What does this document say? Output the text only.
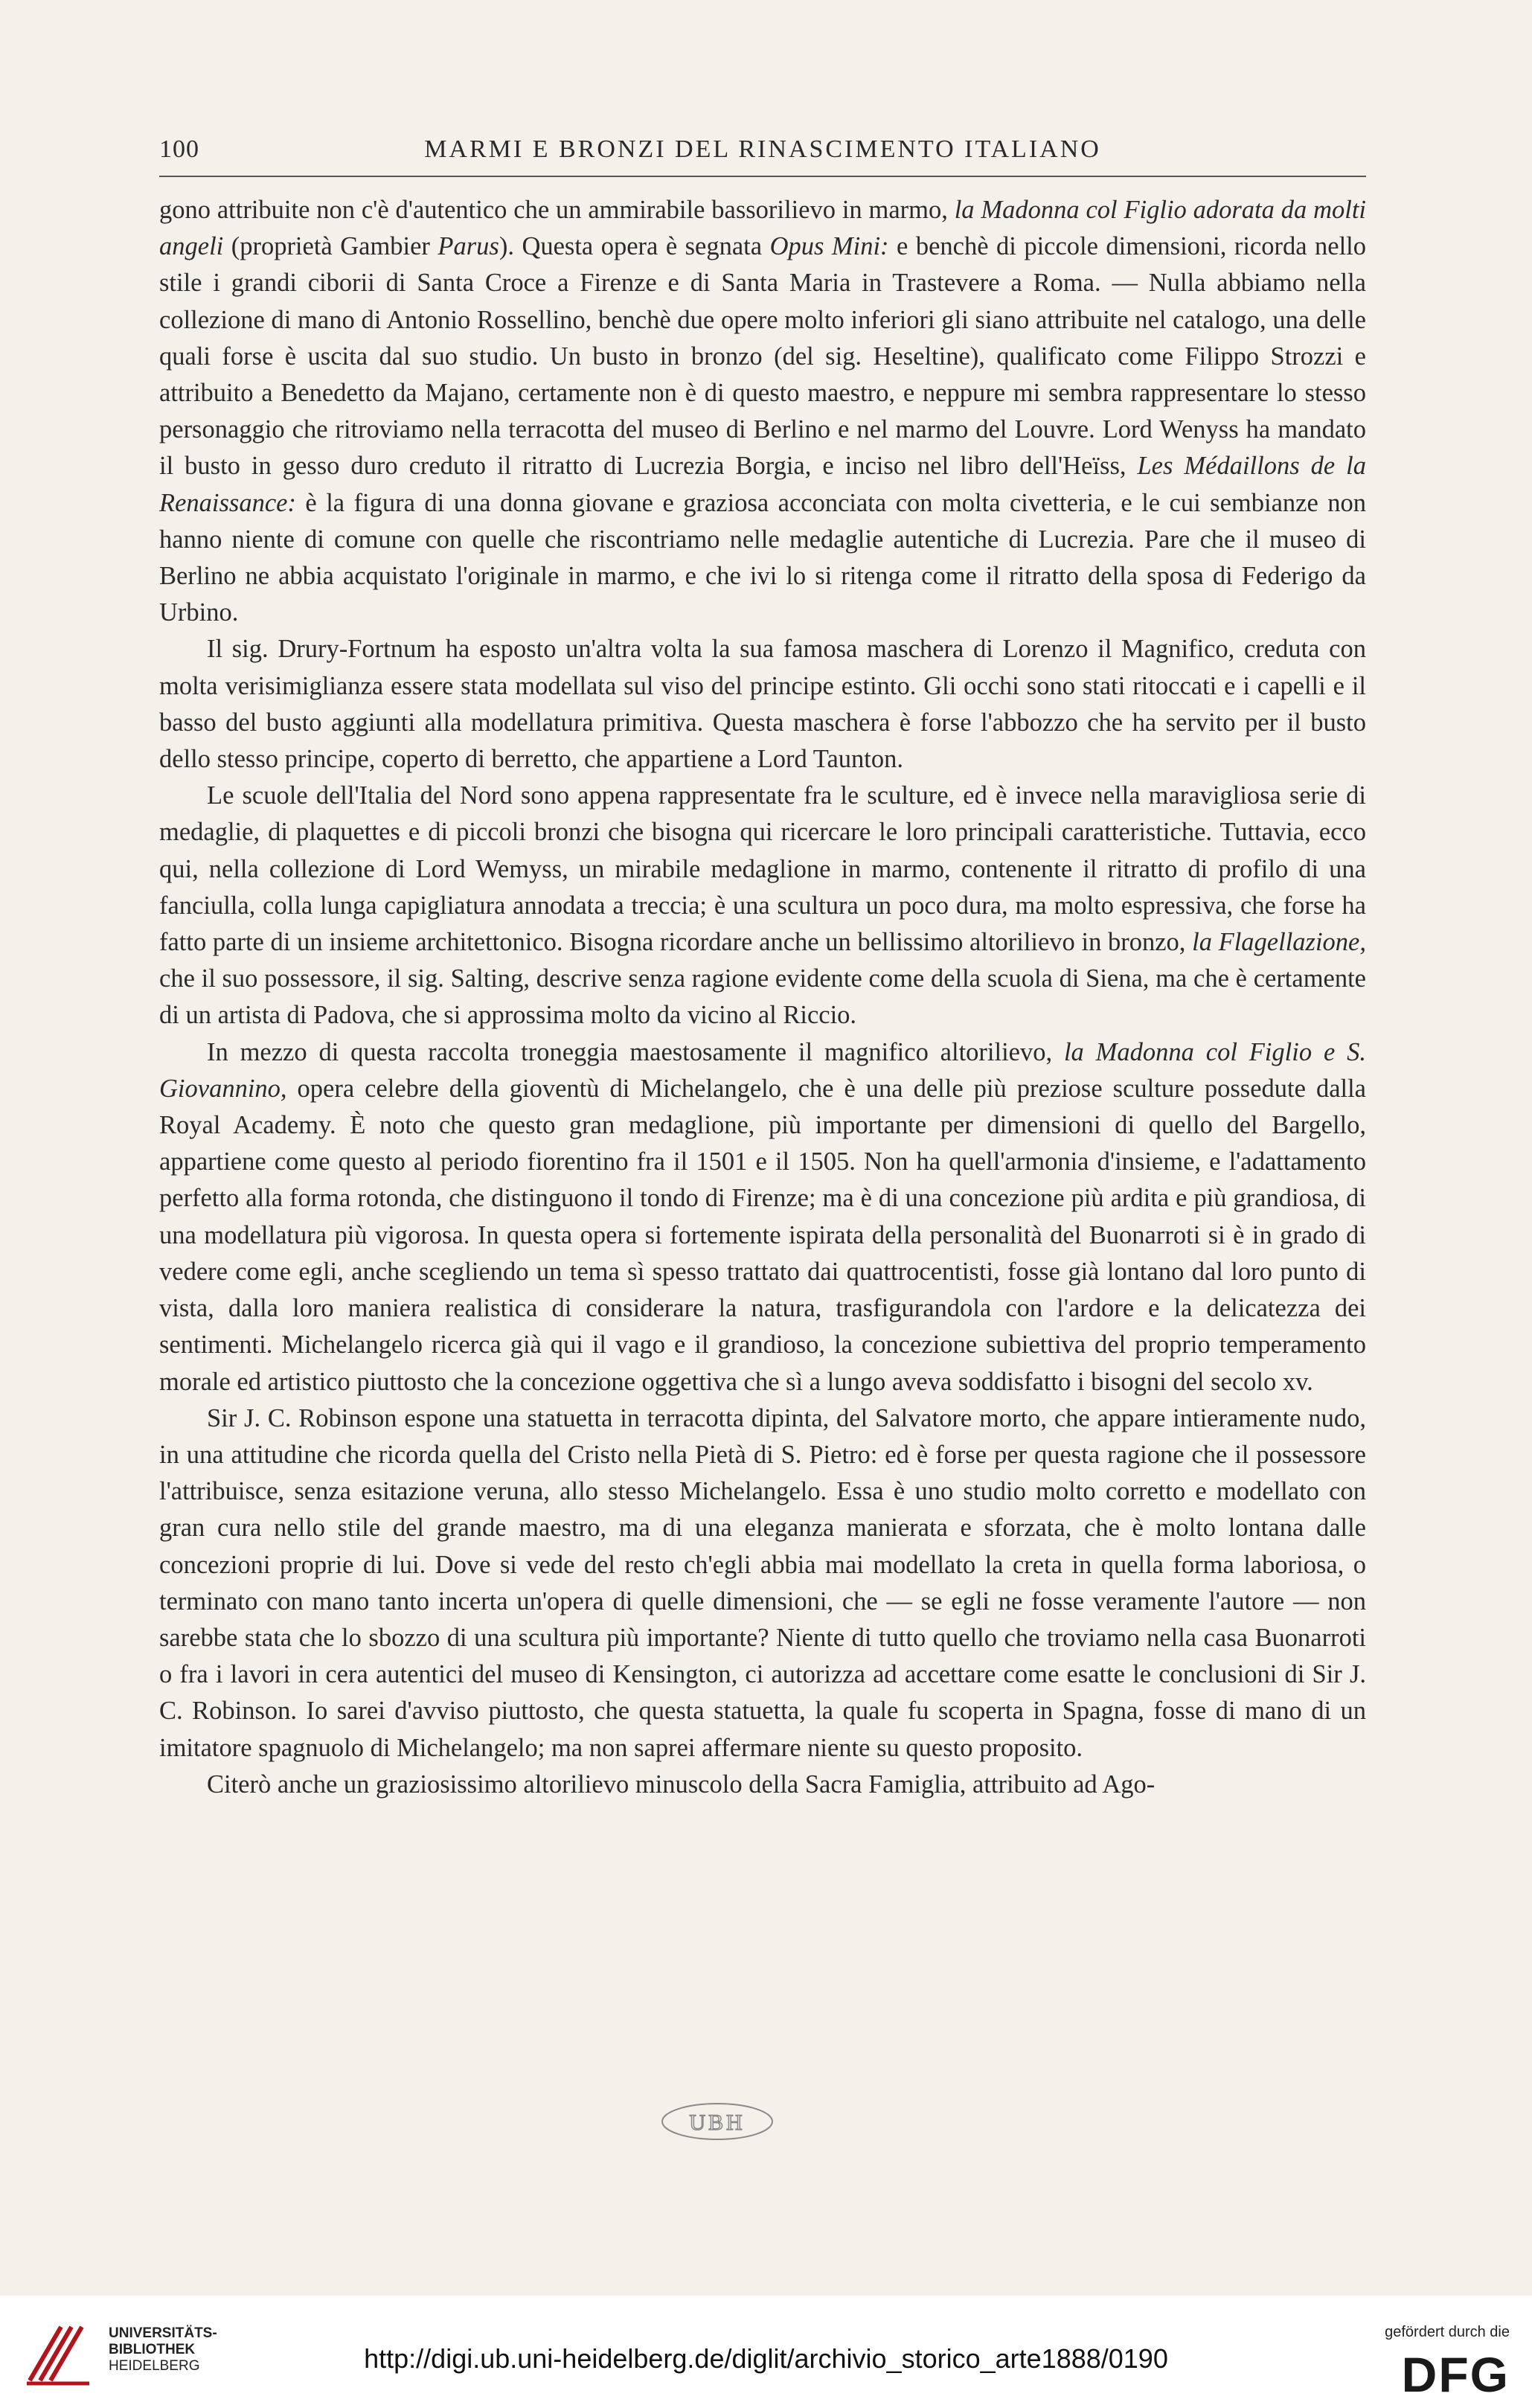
100	MARMI E BRONZI DEL RINASCIMENTO ITALIANO

gono attribuite non c'è d'autentico che un ammirabile bassorilievo in marmo, la Madonna col Figlio adorata da molti angeli (proprietà Gambier Parus). Questa opera è segnata Opus Mini: e benchè di piccole dimensioni, ricorda nello stile i grandi ciborii di Santa Croce a Firenze e di Santa Maria in Trastevere a Roma. — Nulla abbiamo nella collezione di mano di Antonio Rossellino, benchè due opere molto inferiori gli siano attribuite nel catalogo, una delle quali forse è uscita dal suo studio. Un busto in bronzo (del sig. Heseltine), qualificato come Filippo Strozzi e attribuito a Benedetto da Majano, certamente non è di questo maestro, e neppure mi sembra rappresentare lo stesso personaggio che ritroviamo nella terracotta del museo di Berlino e nel marmo del Louvre. Lord Wenyss ha mandato il busto in gesso duro creduto il ritratto di Lucrezia Borgia, e inciso nel libro dell'Heïss, Les Médaillons de la Renaissance: è la figura di una donna giovane e graziosa acconciata con molta civetteria, e le cui sembianze non hanno niente di comune con quelle che riscontriamo nelle medaglie autentiche di Lucrezia. Pare che il museo di Berlino ne abbia acquistato l'originale in marmo, e che ivi lo si ritenga come il ritratto della sposa di Federigo da Urbino.

Il sig. Drury-Fortnum ha esposto un'altra volta la sua famosa maschera di Lorenzo il Magnifico, creduta con molta verisimiglianza essere stata modellata sul viso del principe estinto. Gli occhi sono stati ritoccati e i capelli e il basso del busto aggiunti alla modellatura primitiva. Questa maschera è forse l'abbozzo che ha servito per il busto dello stesso principe, coperto di berretto, che appartiene a Lord Taunton.

Le scuole dell'Italia del Nord sono appena rappresentate fra le sculture, ed è invece nella maravigliosa serie di medaglie, di plaquettes e di piccoli bronzi che bisogna qui ricercare le loro principali caratteristiche. Tuttavia, ecco qui, nella collezione di Lord Wemyss, un mirabile medaglione in marmo, contenente il ritratto di profilo di una fanciulla, colla lunga capigliatura annodata a treccia; è una scultura un poco dura, ma molto espressiva, che forse ha fatto parte di un insieme architettonico. Bisogna ricordare anche un bellissimo altorilievo in bronzo, la Flagellazione, che il suo possessore, il sig. Salting, descrive senza ragione evidente come della scuola di Siena, ma che è certamente di un artista di Padova, che si approssima molto da vicino al Riccio.

In mezzo di questa raccolta troneggia maestosamente il magnifico altorilievo, la Madonna col Figlio e S. Giovannino, opera celebre della gioventù di Michelangelo, che è una delle più preziose sculture possedute dalla Royal Academy. È noto che questo gran medaglione, più importante per dimensioni di quello del Bargello, appartiene come questo al periodo fiorentino fra il 1501 e il 1505. Non ha quell'armonia d'insieme, e l'adattamento perfetto alla forma rotonda, che distinguono il tondo di Firenze; ma è di una concezione più ardita e più grandiosa, di una modellatura più vigorosa. In questa opera si fortemente ispirata della personalità del Buonarroti si è in grado di vedere come egli, anche scegliendo un tema sì spesso trattato dai quattrocentisti, fosse già lontano dal loro punto di vista, dalla loro maniera realistica di considerare la natura, trasfigurandola con l'ardore e la delicatezza dei sentimenti. Michelangelo ricerca già qui il vago e il grandioso, la concezione subiettiva del proprio temperamento morale ed artistico piuttosto che la concezione oggettiva che sì a lungo aveva soddisfatto i bisogni del secolo xv.

Sir J. C. Robinson espone una statuetta in terracotta dipinta, del Salvatore morto, che appare intieramente nudo, in una attitudine che ricorda quella del Cristo nella Pietà di S. Pietro: ed è forse per questa ragione che il possessore l'attribuisce, senza esitazione veruna, allo stesso Michelangelo. Essa è uno studio molto corretto e modellato con gran cura nello stile del grande maestro, ma di una eleganza manierata e sforzata, che è molto lontana dalle concezioni proprie di lui. Dove si vede del resto ch'egli abbia mai modellato la creta in quella forma laboriosa, o terminato con mano tanto incerta un'opera di quelle dimensioni, che — se egli ne fosse veramente l'autore — non sarebbe stata che lo sbozzo di una scultura più importante? Niente di tutto quello che troviamo nella casa Buonarroti o fra i lavori in cera autentici del museo di Kensington, ci autorizza ad accettare come esatte le conclusioni di Sir J. C. Robinson. Io sarei d'avviso piuttosto, che questa statuetta, la quale fu scoperta in Spagna, fosse di mano di un imitatore spagnuolo di Michelangelo; ma non saprei affermare niente su questo proposito.

Citerò anche un graziosissimo altorilievo minuscolo della Sacra Famiglia, attribuito ad Ago-

UBH
UNIVERSITÄTS-
BIBLIOTHEK
HEIDELBERG	http://digi.ub.uni-heidelberg.de/diglit/archivio_storico_arte1888/0190
gefördert durch die
DFG
